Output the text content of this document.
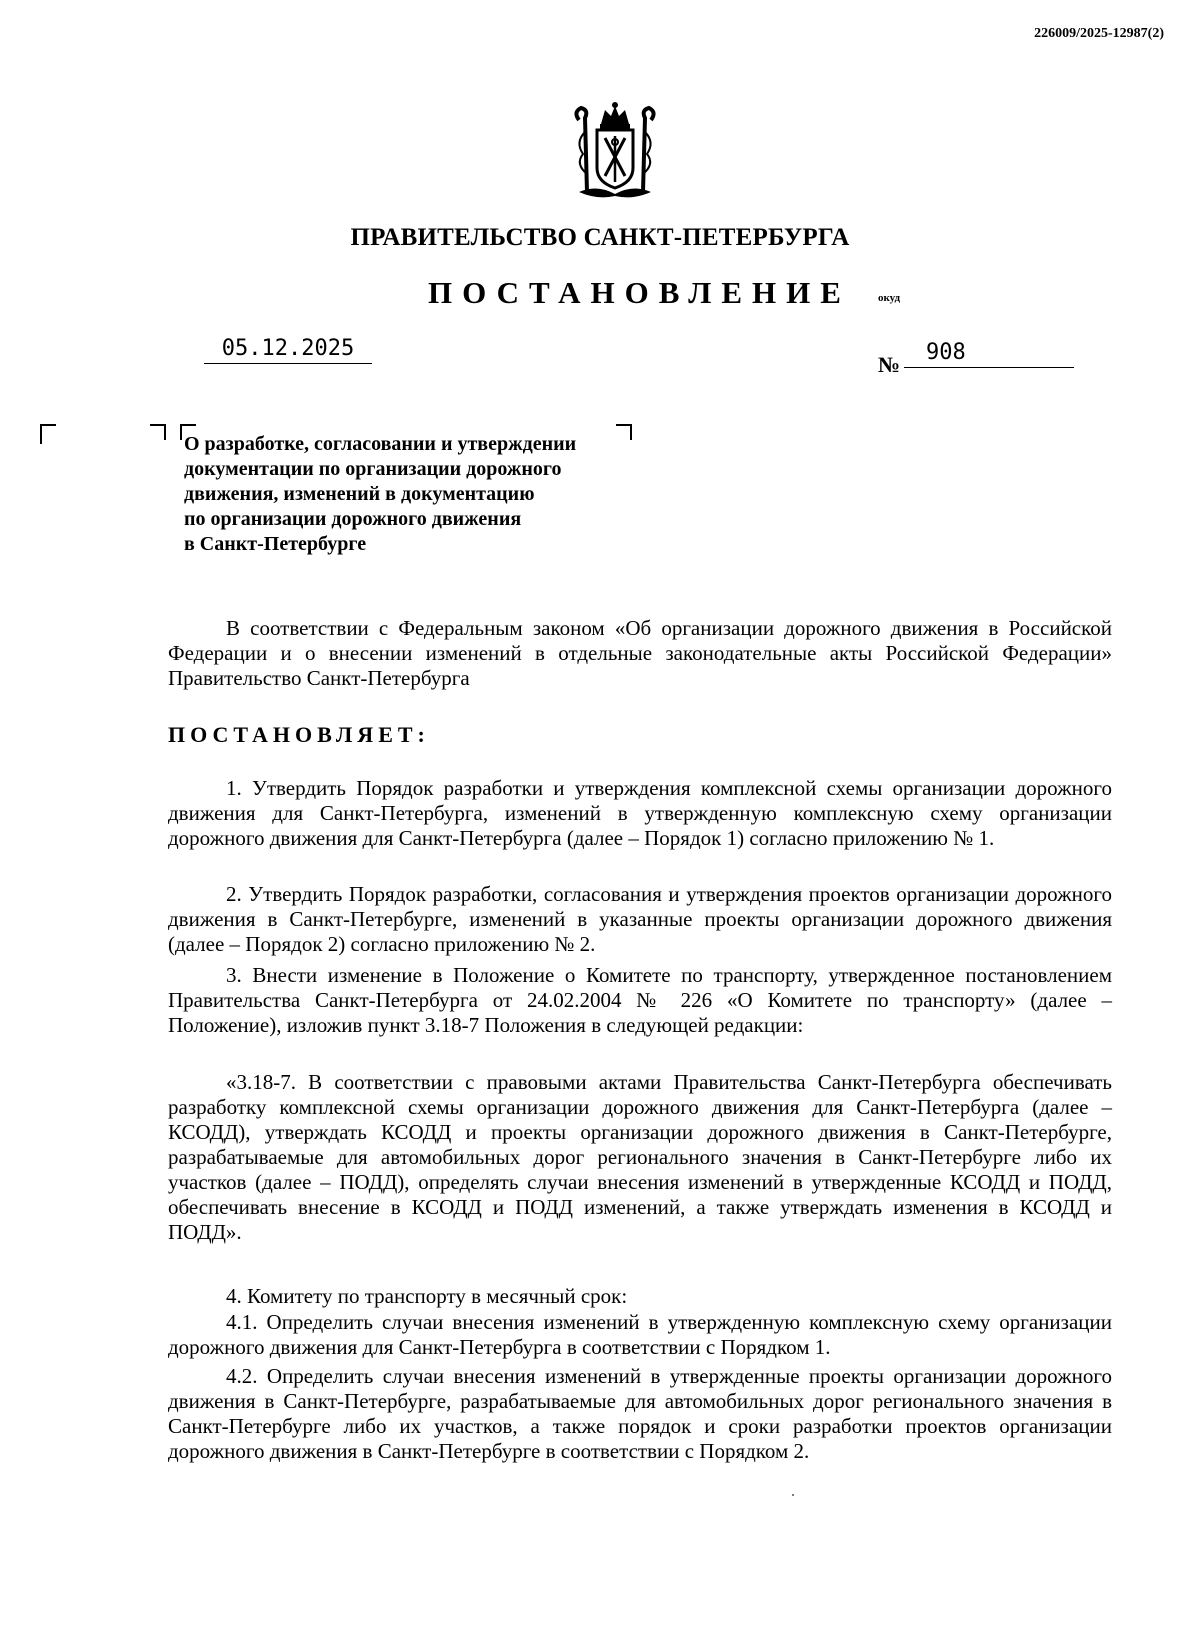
226009/2025-12987(2)
ПРАВИТЕЛЬСТВО САНКТ-ПЕТЕРБУРГА
ПОСТАНОВЛЕНИЕ окуд
05.12.2025
№	908
О разработке, согласовании и утверждении
документации по организации дорожного
движения, изменений в документацию
по организации дорожного движения
в Санкт-Петербурге
В соответствии с Федеральным законом «Об организации дорожного движения в Российской Федерации и о внесении изменений в отдельные законодательные акты Российской Федерации» Правительство Санкт-Петербурга
ПОСТАНОВЛЯЕТ:
1. Утвердить Порядок разработки и утверждения комплексной схемы организации дорожного движения для Санкт-Петербурга, изменений в утвержденную комплексную схему организации дорожного движения для Санкт-Петербурга (далее – Порядок 1) согласно приложению № 1.
2. Утвердить Порядок разработки, согласования и утверждения проектов организации дорожного движения в Санкт-Петербурге, изменений в указанные проекты организации дорожного движения (далее – Порядок 2) согласно приложению № 2.
3. Внести изменение в Положение о Комитете по транспорту, утвержденное постановлением Правительства Санкт-Петербурга от 24.02.2004 № 226 «О Комитете по транспорту» (далее – Положение), изложив пункт 3.18-7 Положения в следующей редакции:
«3.18-7. В соответствии с правовыми актами Правительства Санкт-Петербурга обеспечивать разработку комплексной схемы организации дорожного движения для Санкт-Петербурга (далее – КСОДД), утверждать КСОДД и проекты организации дорожного движения в Санкт-Петербурге, разрабатываемые для автомобильных дорог регионального значения в Санкт-Петербурге либо их участков (далее – ПОДД), определять случаи внесения изменений в утвержденные КСОДД и ПОДД, обеспечивать внесение в КСОДД и ПОДД изменений, а также утверждать изменения в КСОДД и ПОДД».
4. Комитету по транспорту в месячный срок:
4.1. Определить случаи внесения изменений в утвержденную комплексную схему организации дорожного движения для Санкт-Петербурга в соответствии с Порядком 1.
4.2. Определить случаи внесения изменений в утвержденные проекты организации дорожного движения в Санкт-Петербурге, разрабатываемые для автомобильных дорог регионального значения в Санкт-Петербурге либо их участков, а также порядок и сроки разработки проектов организации дорожного движения в Санкт-Петербурге в соответствии с Порядком 2.
